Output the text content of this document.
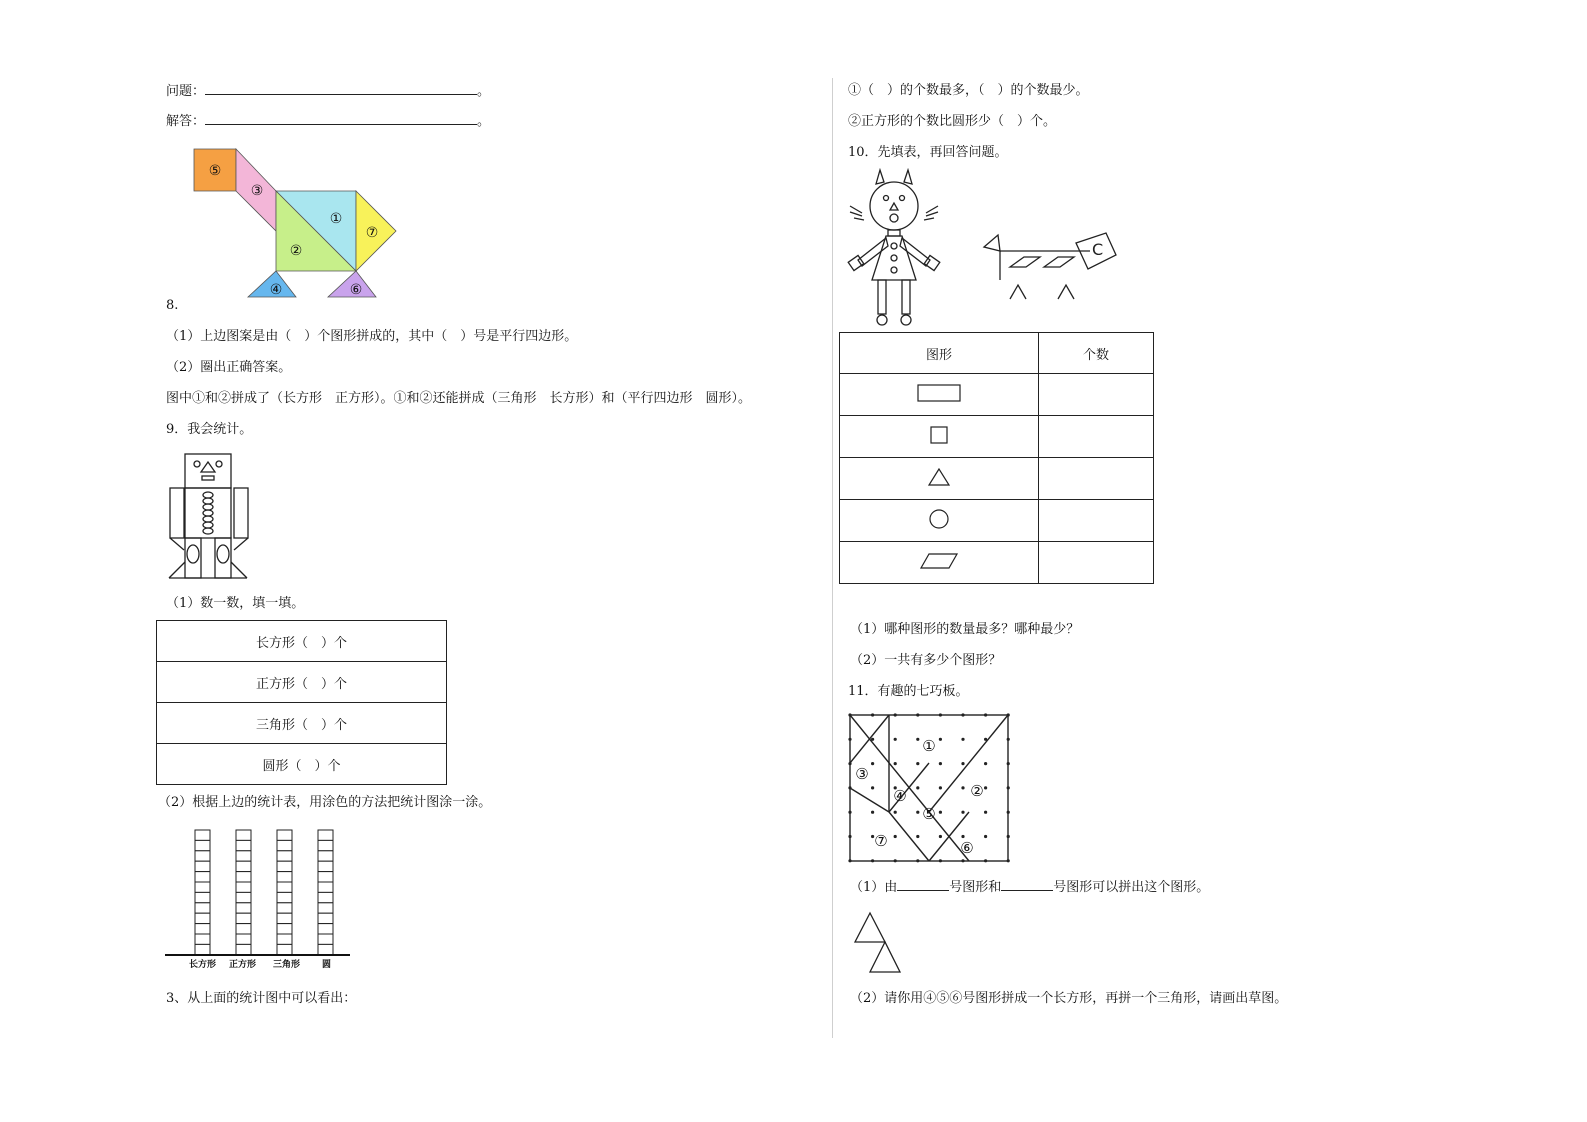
问题：	。
解答：	。
⑤
③
①
⑦
②
④	⑥
8.
（1）上边图案是由（　）个图形拼成的，其中（　）号是平行四边形。
（2）圈出正确答案。
图中①和②拼成了（长方形　正方形）。①和②还能拼成（三角形　长方形）和（平行四边形　圆形）。
9．我会统计。
（1）数一数，填一填。
长方形（　）个
正方形（　）个
三角形（　）个
圆形（　）个
（2）根据上边的统计表，用涂色的方法把统计图涂一涂。
长方形 正方形 三角形 圆
3、从上面的统计图中可以看出：
①（　）的个数最多，（　）的个数最少。
②正方形的个数比圆形少（　）个。
10．先填表，再回答问题。
C
图形	个数

（1）哪种图形的数量最多？哪种最少？
（2）一共有多少个图形？
11．有趣的七巧板。
①
②
③
④
⑤
⑥
⑦
（1）由	号图形和	号图形可以拼出这个图形。
（2）请你用④⑤⑥号图形拼成一个长方形，再拼一个三角形，请画出草图。
